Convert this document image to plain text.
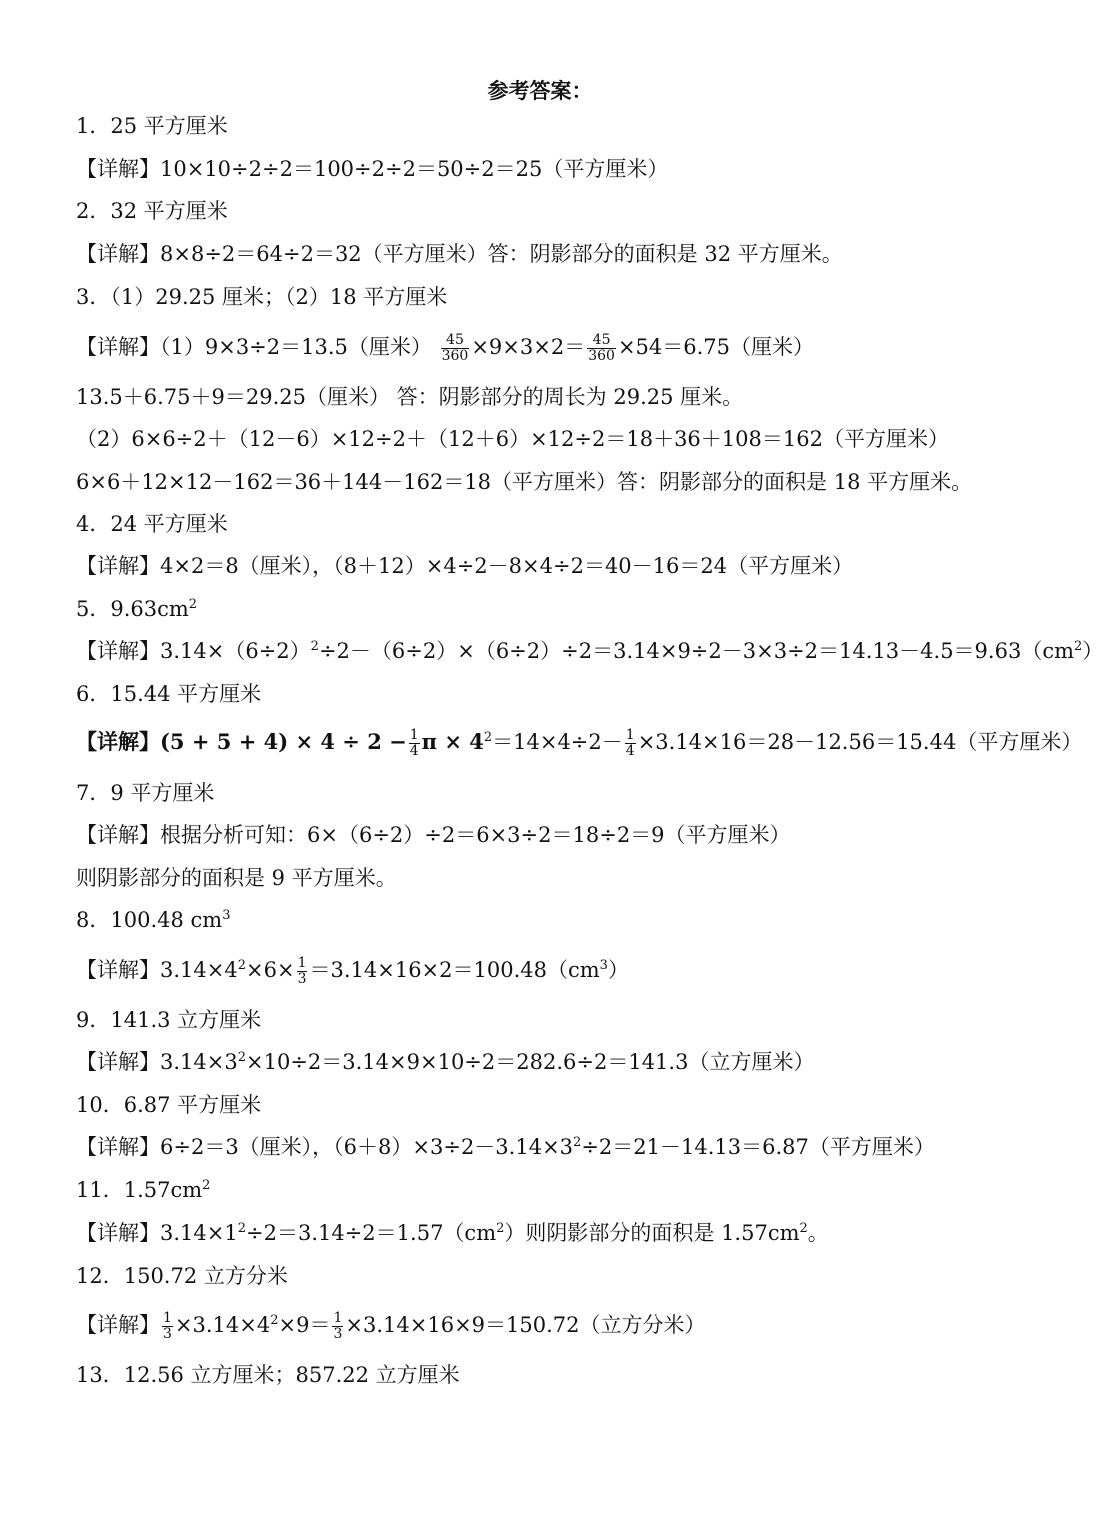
参考答案：
1．25 平方厘米
【详解】10×10÷2÷2＝100÷2÷2＝50÷2＝25（平方厘米）
2．32 平方厘米
【详解】8×8÷2＝64÷2＝32（平方厘米）答：阴影部分的面积是 32 平方厘米。
3．（1）29.25 厘米；（2）18 平方厘米
【详解】（1）9×3÷2＝13.5（厘米） $\frac{45}{360} \times 9\times 3\times 2= \frac{45}{360} \times 54=6.75$（厘米）
13.5＋6.75＋9＝29.25（厘米） 答：阴影部分的周长为 29.25 厘米。
（2）6×6÷2＋（12－6）×12÷2＋（12＋6）×12÷2＝18＋36＋108＝162（平方厘米）
6×6＋12×12－162＝36＋144－162＝18（平方厘米）答：阴影部分的面积是 18 平方厘米。
4．24 平方厘米
【详解】4×2＝8（厘米），（8＋12）×4÷2－8×4÷2＝40－16＝24（平方厘米）
5．$9.63cm^2$
【详解】$3.14\times(6\div 2)^2\div 2-(6\div 2)\times(6\div 2)\div 2=3.14\times 9\div 2-3\times 3\div 2=14.13-4.5=9.63(cm^2)$
6．15.44 平方厘米
【详解】$(5 + 5 + 4) \times 4 \div 2 - \frac{1}{4}$ $\pi \times 4^2=14\times 4\div 2- \frac{1}{4} \times 3.14\times 16=28-12.56=15.44$（平方厘米）
7．9 平方厘米
【详解】根据分析可知：6×（6÷2）÷2＝6×3÷2＝18÷2＝9（平方厘米）
则阴影部分的面积是 9 平方厘米。
8．100.48 $cm^3$
【详解】$3.14\times 4^2\times 6\times \frac{1}{3} =3.14\times 16\times 2=100.48(cm^3)$
9．141.3 立方厘米
【详解】$3.14\times 3^2\times 10\div 2=3.14\times 9\times 10\div 2=282.6\div 2=141.3$（立方厘米）
10．6.87 平方厘米
【详解】6÷2＝3（厘米），$(6+8)\times 3\div 2-3.14\times 3^2\div 2=21-14.13=6.87$（平方厘米）
11．$1.57cm^2$
【详解】$3.14\times 1^2\div 2=3.14\div 2=1.57(cm^2)$则阴影部分的面积是 $1.57cm^2$。
12．150.72 立方分米
【详解】 $\frac{1}{3} \times 3.14\times 4^2\times 9= \frac{1}{3} \times 3.14\times 16\times 9=150.72$（立方分米）
13．12.56 立方厘米；857.22 立方厘米
